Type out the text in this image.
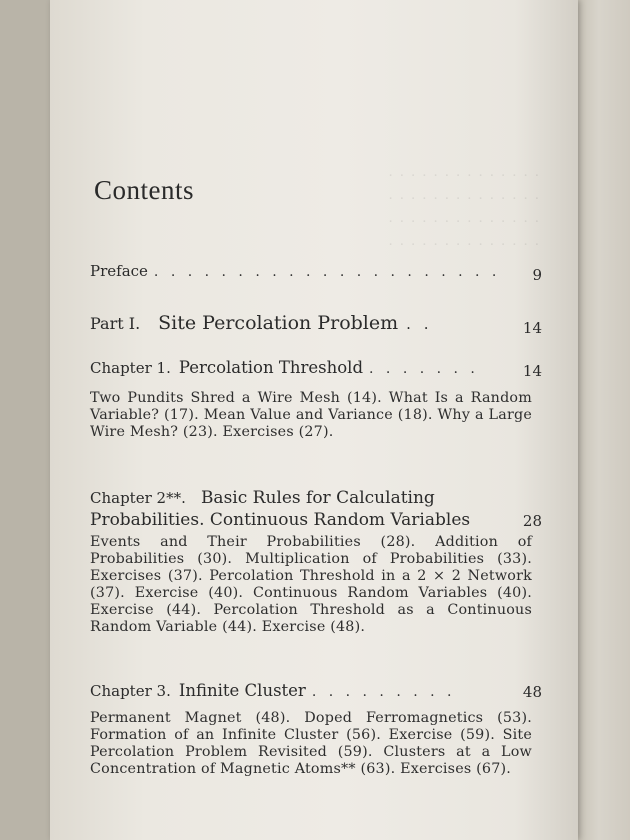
.  .  .  .  .  .  .  .  .  .  .  .  .  .
.  .  .  .  .  .  .  .  .  .  .  .  .  .
.  .  .  .  .  .  .  .  .  .  .  .  .  .
.  .  .  .  .  .  .  .  .  .  .  .  .  .

Contents
Preface . . .	9
Part I. Site Percolation Problem . .	14
Chapter 1. Percolation Threshold . . .	14
Two Pundits Shred a Wire Mesh (14). What Is a Random Variable? (17). Mean Value and Variance (18). Why a Large Wire Mesh? (23). Exercises (27).
Chapter 2**. Basic Rules for Calculating
Probabilities. Continuous Random Variables	28
Events and Their Probabilities (28). Addition of Probabilities (30). Multiplication of Probabilities (33). Exercises (37). Percolation Threshold in a 2 × 2 Network (37). Exercise (40). Continuous Random Variables (40). Exercise (44). Percolation Threshold as a Continuous Random Variable (44). Exercise (48).
Chapter 3. Infinite Cluster . . .	48
Permanent Magnet (48). Doped Ferromagnetics (53). Formation of an Infinite Cluster (56). Exercise (59). Site Percolation Problem Revisited (59). Clusters at a Low Concentration of Magnetic Atoms** (63). Exercises (67).
